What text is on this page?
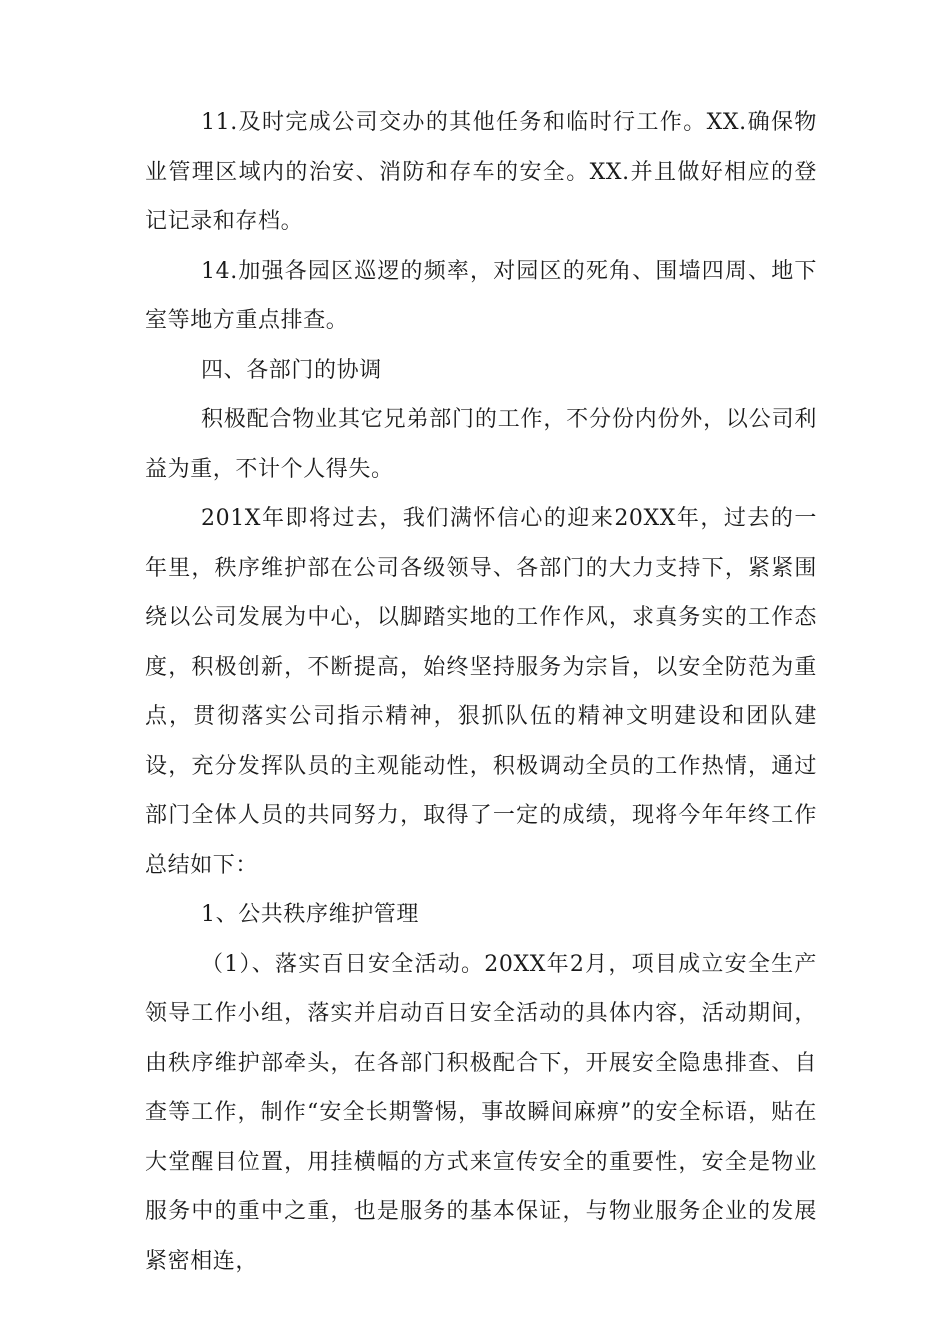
11.及时完成公司交办的其他任务和临时行工作。XX.确保物业管理区域内的治安、消防和存车的安全。XX.并且做好相应的登记记录和存档。

14.加强各园区巡逻的频率，对园区的死角、围墙四周、地下室等地方重点排查。

四、各部门的协调

积极配合物业其它兄弟部门的工作，不分份内份外，以公司利益为重，不计个人得失。

201X年即将过去，我们满怀信心的迎来20XX年，过去的一年里，秩序维护部在公司各级领导、各部门的大力支持下，紧紧围绕以公司发展为中心，以脚踏实地的工作作风，求真务实的工作态度，积极创新，不断提高，始终坚持服务为宗旨，以安全防范为重点，贯彻落实公司指示精神，狠抓队伍的精神文明建设和团队建设，充分发挥队员的主观能动性，积极调动全员的工作热情，通过部门全体人员的共同努力，取得了一定的成绩，现将今年年终工作总结如下：

1、公共秩序维护管理

（1）、落实百日安全活动。20XX年2月，项目成立安全生产领导工作小组，落实并启动百日安全活动的具体内容，活动期间，由秩序维护部牵头，在各部门积极配合下，开展安全隐患排查、自查等工作，制作“安全长期警惕，事故瞬间麻痹”的安全标语，贴在大堂醒目位置，用挂横幅的方式来宣传安全的重要性，安全是物业服务中的重中之重，也是服务的基本保证，与物业服务企业的发展紧密相连，
